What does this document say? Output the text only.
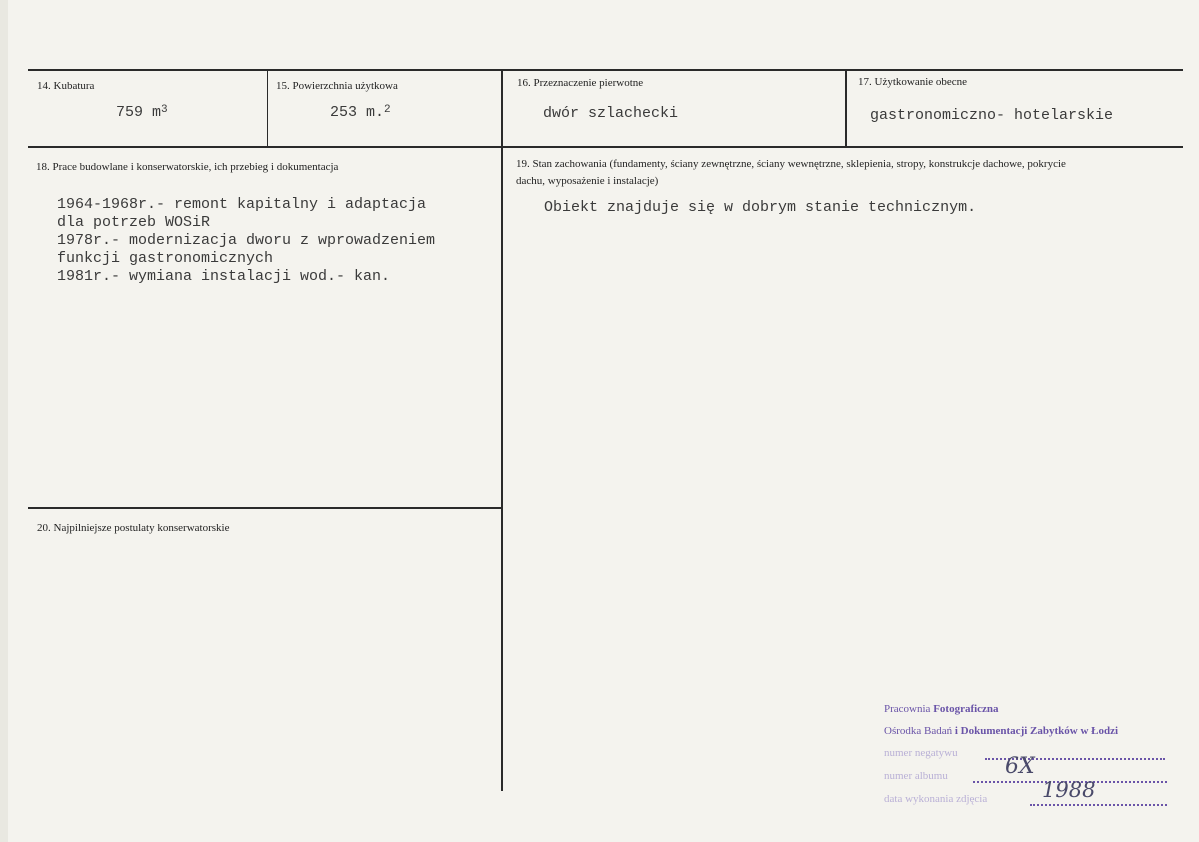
14. Kubatura
759 $m^3$
15. Powierzchnia użytkowa
253 m.$^2$
16. Przeznaczenie pierwotne
dwór szlachecki
17. Użytkowanie obecne
gastronomiczno- hotelarskie
18. Prace budowlane i konserwatorskie, ich przebieg i dokumentacja
1964-1968r.- remont kapitalny i adaptacja
dla potrzeb WOSiR
1978r.- modernizacja dworu z wprowadzeniem
funkcji gastronomicznych
1981r.- wymiana instalacji wod.- kan.
19. Stan zachowania (fundamenty, ściany zewnętrzne, ściany wewnętrzne, sklepienia, stropy, konstrukcje dachowe, pokrycie dachu, wyposażenie i instalacje)
Obiekt znajduje się w dobrym stanie technicznym.
20. Najpilniejsze postulaty konserwatorskie
Pracownia Fotograficzna
Ośrodka Badań i Dokumentacji Zabytków w Łodzi
numer negatywu
numer albumu	6X
data wykonania zdjęcia	1988
